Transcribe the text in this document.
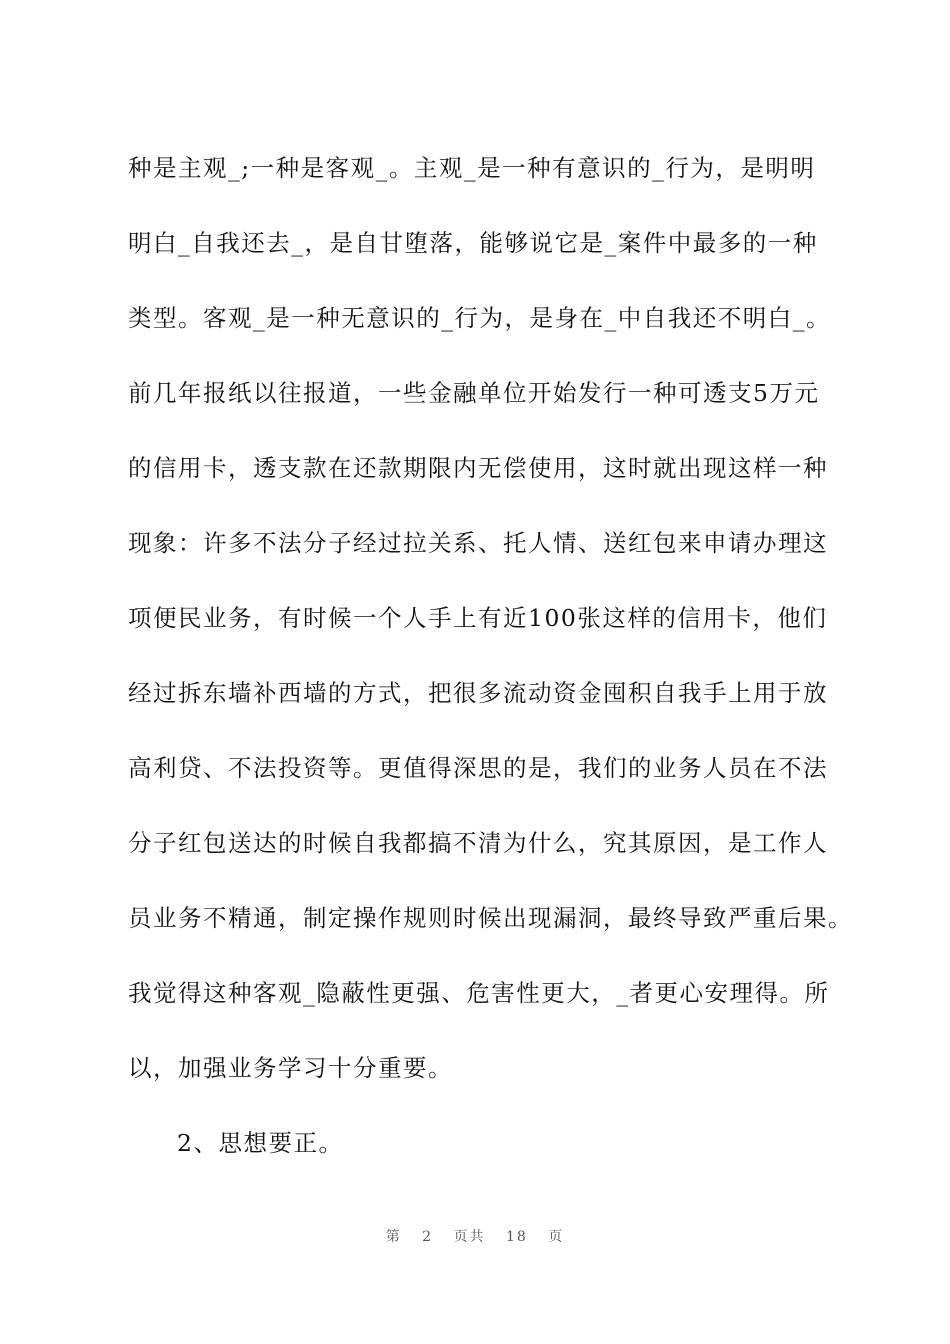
种是主观_;一种是客观_。主观_是一种有意识的_行为，是明明
明白_自我还去_，是自甘堕落，能够说它是_案件中最多的一种
类型。客观_是一种无意识的_行为，是身在_中自我还不明白_。
前几年报纸以往报道，一些金融单位开始发行一种可透支5万元
的信用卡，透支款在还款期限内无偿使用，这时就出现这样一种
现象：许多不法分子经过拉关系、托人情、送红包来申请办理这
项便民业务，有时候一个人手上有近100张这样的信用卡，他们
经过拆东墙补西墙的方式，把很多流动资金囤积自我手上用于放
高利贷、不法投资等。更值得深思的是，我们的业务人员在不法
分子红包送达的时候自我都搞不清为什么，究其原因，是工作人
员业务不精通，制定操作规则时候出现漏洞，最终导致严重后果。
我觉得这种客观_隐蔽性更强、危害性更大，_者更心安理得。所
以，加强业务学习十分重要。
2、思想要正。
第 2 页共 18 页
